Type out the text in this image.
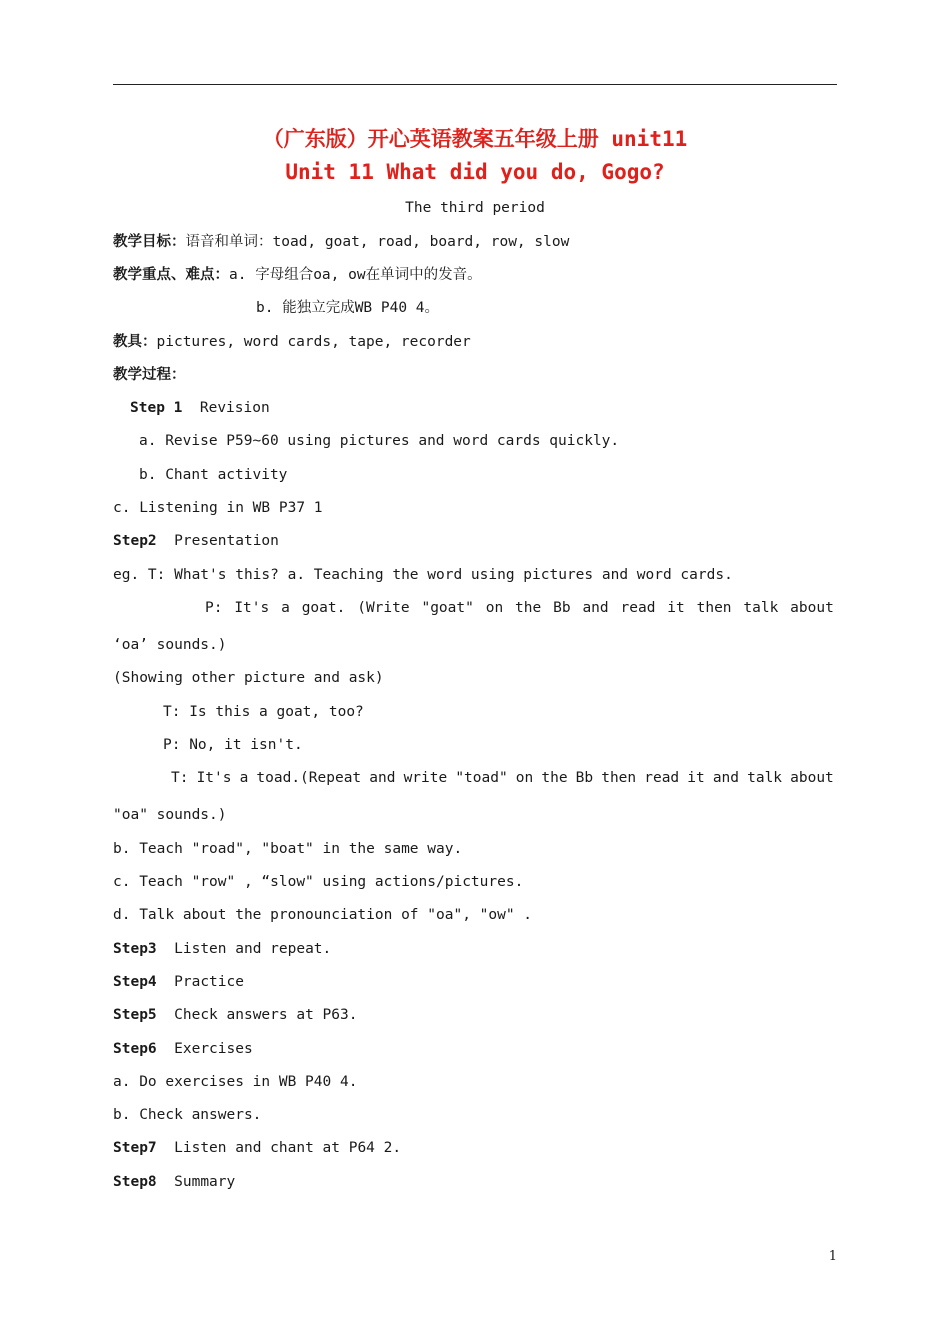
（广东版）开心英语教案五年级上册 unit11
Unit 11 What did you do, Gogo?
The third period
教学目标：语音和单词：toad, goat, road, board, row, slow
教学重点、难点：a. 字母组合oa, ow在单词中的发音。
b. 能独立完成WB P40 4。
教具：pictures, word cards, tape, recorder
教学过程：
Step 1 Revision
a. Revise P59~60 using pictures and word cards quickly.
b. Chant activity
c. Listening in WB P37 1
Step2 Presentation
eg. T: What's this? a. Teaching the word using pictures and word cards.
P: It's a goat. (Write "goat" on the Bb and read it then talk about
‘oa’ sounds.)
(Showing other picture and ask)
T: Is this a goat, too?
P: No, it isn't.
T: It's a toad.(Repeat and write "toad" on the Bb then read it and talk about
"oa" sounds.)
b. Teach "road", "boat" in the same way.
c. Teach "row" , “slow" using actions/pictures.
d. Talk about the pronounciation of "oa", "ow" .
Step3 Listen and repeat.
Step4 Practice
Step5 Check answers at P63.
Step6 Exercises
a. Do exercises in WB P40 4.
b. Check answers.
Step7 Listen and chant at P64 2.
Step8 Summary
1
